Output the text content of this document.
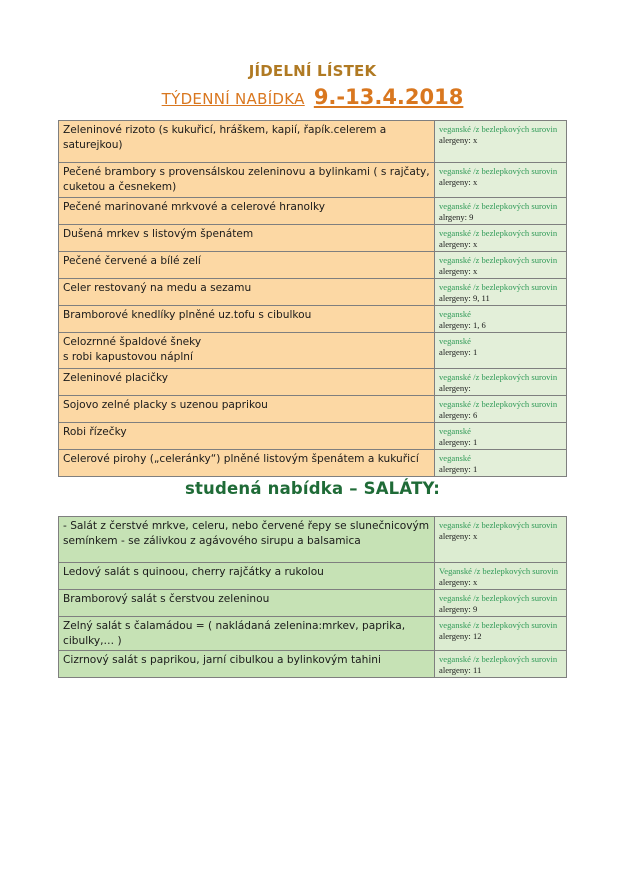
JÍDELNÍ LÍSTEK
TÝDENNÍ NABÍDKA 9.-13.4.2018
Zeleninové rizoto (s kukuřicí, hráškem, kapií, řapík.celerem a saturejkou)	veganské /z bezlepkových surovin
alergeny: x

Pečené brambory s provensálskou zeleninovu a bylinkami ( s rajčaty, cuketou a česnekem)	veganské /z bezlepkových surovin
alergeny: x

Pečené marinované mrkvové a celerové hranolky	veganské /z bezlepkových surovin
alrgeny: 9

Dušená mrkev s listovým špenátem	veganské /z bezlepkových surovin
alergeny: x

Pečené červené a bílé zelí	veganské /z bezlepkových surovin
alergeny: x

Celer restovaný na medu a sezamu	veganské /z bezlepkových surovin
alergeny: 9, 11

Bramborové knedlíky plněné uz.tofu s cibulkou	veganské
alergeny: 1, 6

Celozrnné špaldové šneky
s robi kapustovou náplní	veganské
alergeny: 1

Zeleninové placičky	veganské /z bezlepkových surovin
alergeny:

Sojovo zelné placky s uzenou paprikou	veganské /z bezlepkových surovin
alergeny: 6

Robi řízečky	veganské
alergeny: 1

Celerové pirohy („celeránky“) plněné listovým špenátem a kukuřicí	veganské
alergeny: 1
studená nabídka – SALÁTY:
- Salát z čerstvé mrkve, celeru, nebo červené řepy se slunečnicovým semínkem - se zálivkou z agávového sirupu a balsamica	veganské /z bezlepkových surovin
alergeny: x

Ledový salát s quinoou, cherry rajčátky a rukolou	Veganské /z bezlepkových surovin
alergeny: x

Bramborový salát s čerstvou zeleninou	veganské /z bezlepkových surovin
alergeny: 9

Zelný salát s čalamádou = ( nakládaná zelenina:mrkev, paprika, cibulky,… )	veganské /z bezlepkových surovin
alergeny: 12

Cizrnový salát s paprikou, jarní cibulkou a bylinkovým tahini	veganské /z bezlepkových surovin
alergeny: 11
